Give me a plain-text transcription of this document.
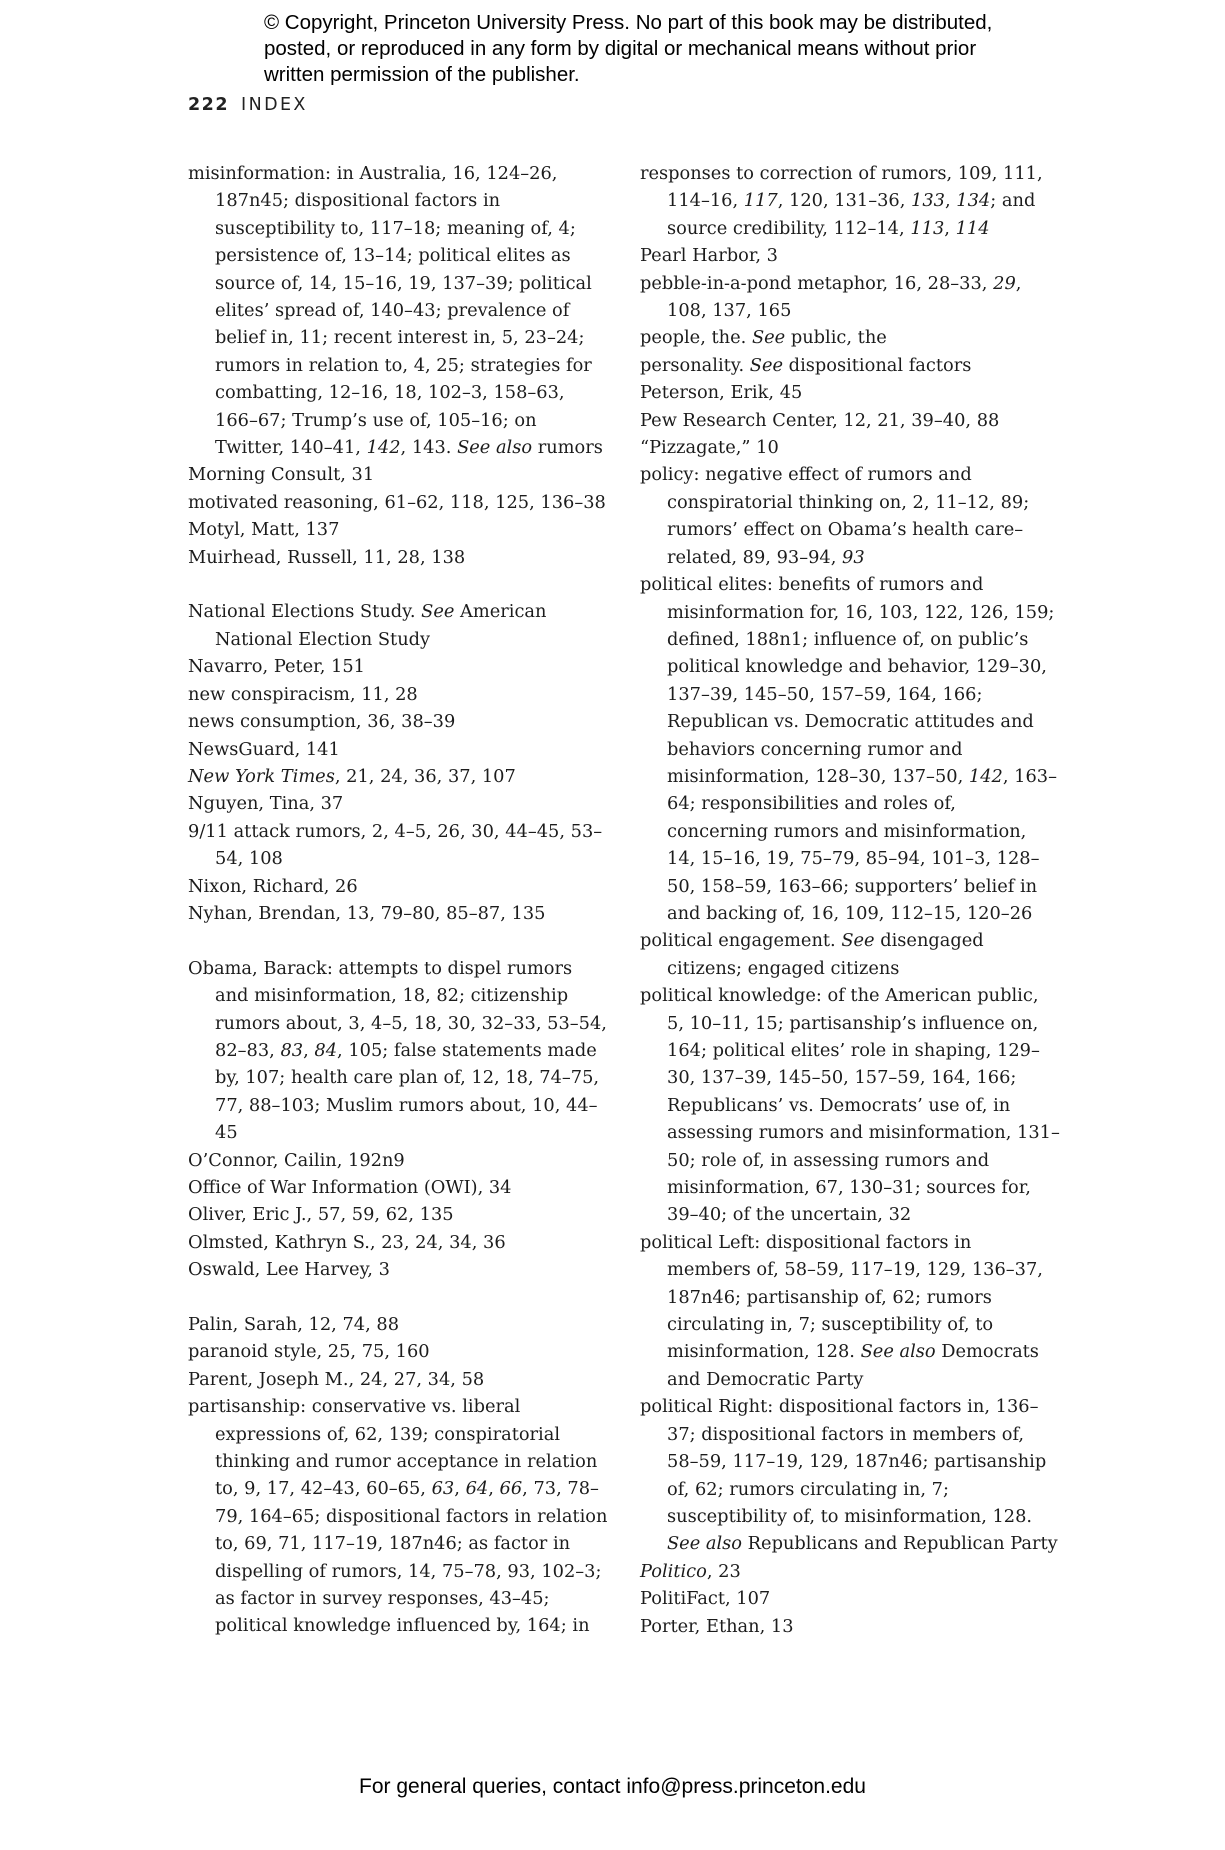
© Copyright, Princeton University Press. No part of this book may be distributed, posted, or reproduced in any form by digital or mechanical means without prior written permission of the publisher.
222 INDEX
misinformation: in Australia, 16, 124–26, 187n45; dispositional factors in susceptibility to, 117–18; meaning of, 4; persistence of, 13–14; political elites as source of, 14, 15–16, 19, 137–39; political elites’ spread of, 140–43; prevalence of belief in, 11; recent interest in, 5, 23–24; rumors in relation to, 4, 25; strategies for combatting, 12–16, 18, 102–3, 158–63, 166–67; Trump’s use of, 105–16; on Twitter, 140–41, 142, 143. See also rumors
Morning Consult, 31
motivated reasoning, 61–62, 118, 125, 136–38
Motyl, Matt, 137
Muirhead, Russell, 11, 28, 138
National Elections Study. See American National Election Study
Navarro, Peter, 151
new conspiracism, 11, 28
news consumption, 36, 38–39
NewsGuard, 141
New York Times, 21, 24, 36, 37, 107
Nguyen, Tina, 37
9/11 attack rumors, 2, 4–5, 26, 30, 44–45, 53–54, 108
Nixon, Richard, 26
Nyhan, Brendan, 13, 79–80, 85–87, 135
Obama, Barack: attempts to dispel rumors and misinformation, 18, 82; citizenship rumors about, 3, 4–5, 18, 30, 32–33, 53–54, 82–83, 83, 84, 105; false statements made by, 107; health care plan of, 12, 18, 74–75, 77, 88–103; Muslim rumors about, 10, 44–45
O’Connor, Cailin, 192n9
Office of War Information (OWI), 34
Oliver, Eric J., 57, 59, 62, 135
Olmsted, Kathryn S., 23, 24, 34, 36
Oswald, Lee Harvey, 3
Palin, Sarah, 12, 74, 88
paranoid style, 25, 75, 160
Parent, Joseph M., 24, 27, 34, 58
partisanship: conservative vs. liberal expressions of, 62, 139; conspiratorial thinking and rumor acceptance in relation to, 9, 17, 42–43, 60–65, 63, 64, 66, 73, 78–79, 164–65; dispositional factors in relation to, 69, 71, 117–19, 187n46; as factor in dispelling of rumors, 14, 75–78, 93, 102–3; as factor in survey responses, 43–45; political knowledge influenced by, 164; in
responses to correction of rumors, 109, 111, 114–16, 117, 120, 131–36, 133, 134; and source credibility, 112–14, 113, 114
Pearl Harbor, 3
pebble-in-a-pond metaphor, 16, 28–33, 29, 108, 137, 165
people, the. See public, the
personality. See dispositional factors
Peterson, Erik, 45
Pew Research Center, 12, 21, 39–40, 88
“Pizzagate,” 10
policy: negative effect of rumors and conspiratorial thinking on, 2, 11–12, 89; rumors’ effect on Obama’s health care–related, 89, 93–94, 93
political elites: benefits of rumors and misinformation for, 16, 103, 122, 126, 159; defined, 188n1; influence of, on public’s political knowledge and behavior, 129–30, 137–39, 145–50, 157–59, 164, 166; Republican vs. Democratic attitudes and behaviors concerning rumor and misinformation, 128–30, 137–50, 142, 163–64; responsibilities and roles of, concerning rumors and misinformation, 14, 15–16, 19, 75–79, 85–94, 101–3, 128–50, 158–59, 163–66; supporters’ belief in and backing of, 16, 109, 112–15, 120–26
political engagement. See disengaged citizens; engaged citizens
political knowledge: of the American public, 5, 10–11, 15; partisanship’s influence on, 164; political elites’ role in shaping, 129–30, 137–39, 145–50, 157–59, 164, 166; Republicans’ vs. Democrats’ use of, in assessing rumors and misinformation, 131–50; role of, in assessing rumors and misinformation, 67, 130–31; sources for, 39–40; of the uncertain, 32
political Left: dispositional factors in members of, 58–59, 117–19, 129, 136–37, 187n46; partisanship of, 62; rumors circulating in, 7; susceptibility of, to misinformation, 128. See also Democrats and Democratic Party
political Right: dispositional factors in, 136–37; dispositional factors in members of, 58–59, 117–19, 129, 187n46; partisanship of, 62; rumors circulating in, 7; susceptibility of, to misinformation, 128. See also Republicans and Republican Party
Politico, 23
PolitiFact, 107
Porter, Ethan, 13
For general queries, contact info@press.princeton.edu
